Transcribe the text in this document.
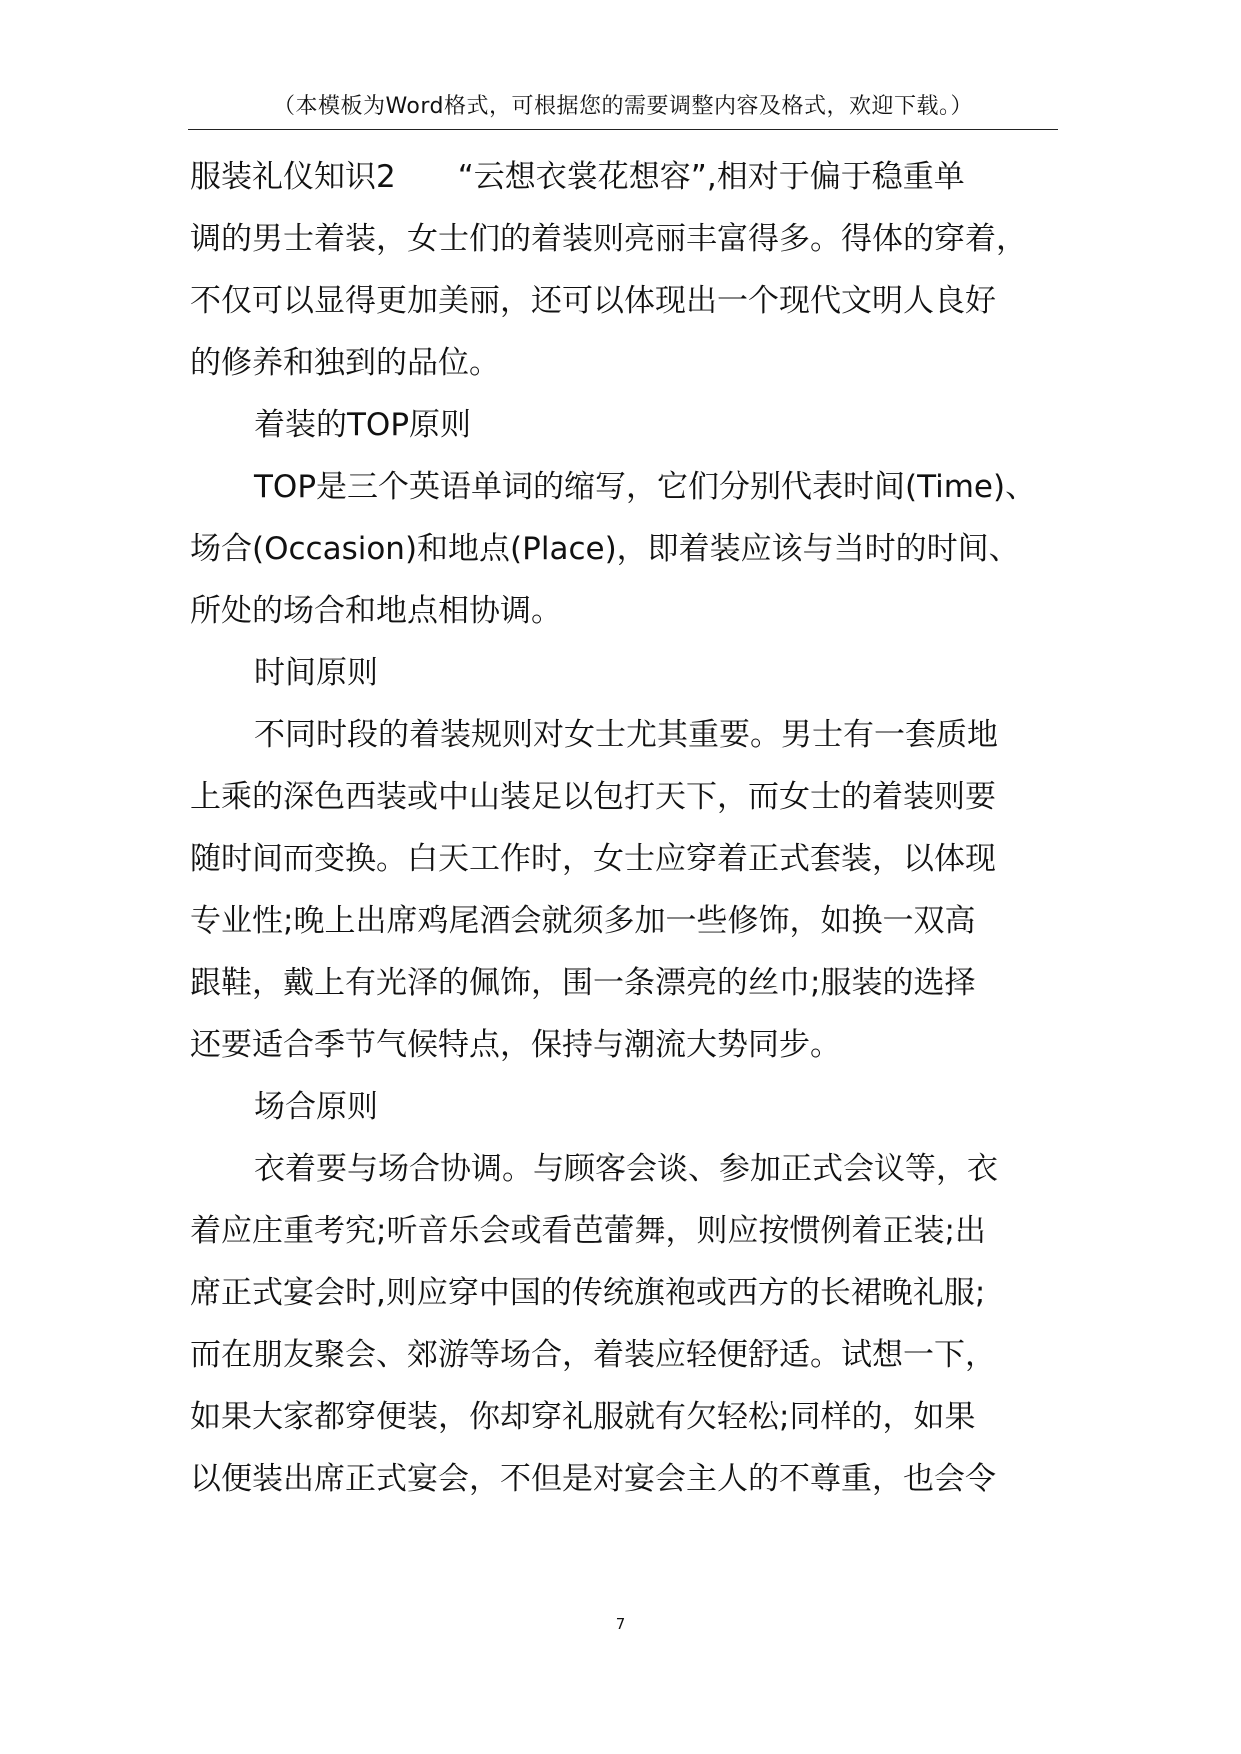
（本模板为Word格式，可根据您的需要调整内容及格式，欢迎下载。）
服装礼仪知识2　　“云想衣裳花想容”,相对于偏于稳重单
调的男士着装，女士们的着装则亮丽丰富得多。得体的穿着，
不仅可以显得更加美丽，还可以体现出一个现代文明人良好
的修养和独到的品位。
着装的TOP原则
TOP是三个英语单词的缩写，它们分别代表时间(Time)、
场合(Occasion)和地点(Place)，即着装应该与当时的时间、
所处的场合和地点相协调。
时间原则
不同时段的着装规则对女士尤其重要。男士有一套质地
上乘的深色西装或中山装足以包打天下，而女士的着装则要
随时间而变换。白天工作时，女士应穿着正式套装，以体现
专业性;晚上出席鸡尾酒会就须多加一些修饰，如换一双高
跟鞋，戴上有光泽的佩饰，围一条漂亮的丝巾;服装的选择
还要适合季节气候特点，保持与潮流大势同步。
场合原则
衣着要与场合协调。与顾客会谈、参加正式会议等，衣
着应庄重考究;听音乐会或看芭蕾舞，则应按惯例着正装;出
席正式宴会时,则应穿中国的传统旗袍或西方的长裙晚礼服;
而在朋友聚会、郊游等场合，着装应轻便舒适。试想一下，
如果大家都穿便装，你却穿礼服就有欠轻松;同样的，如果
以便装出席正式宴会，不但是对宴会主人的不尊重，也会令
7
